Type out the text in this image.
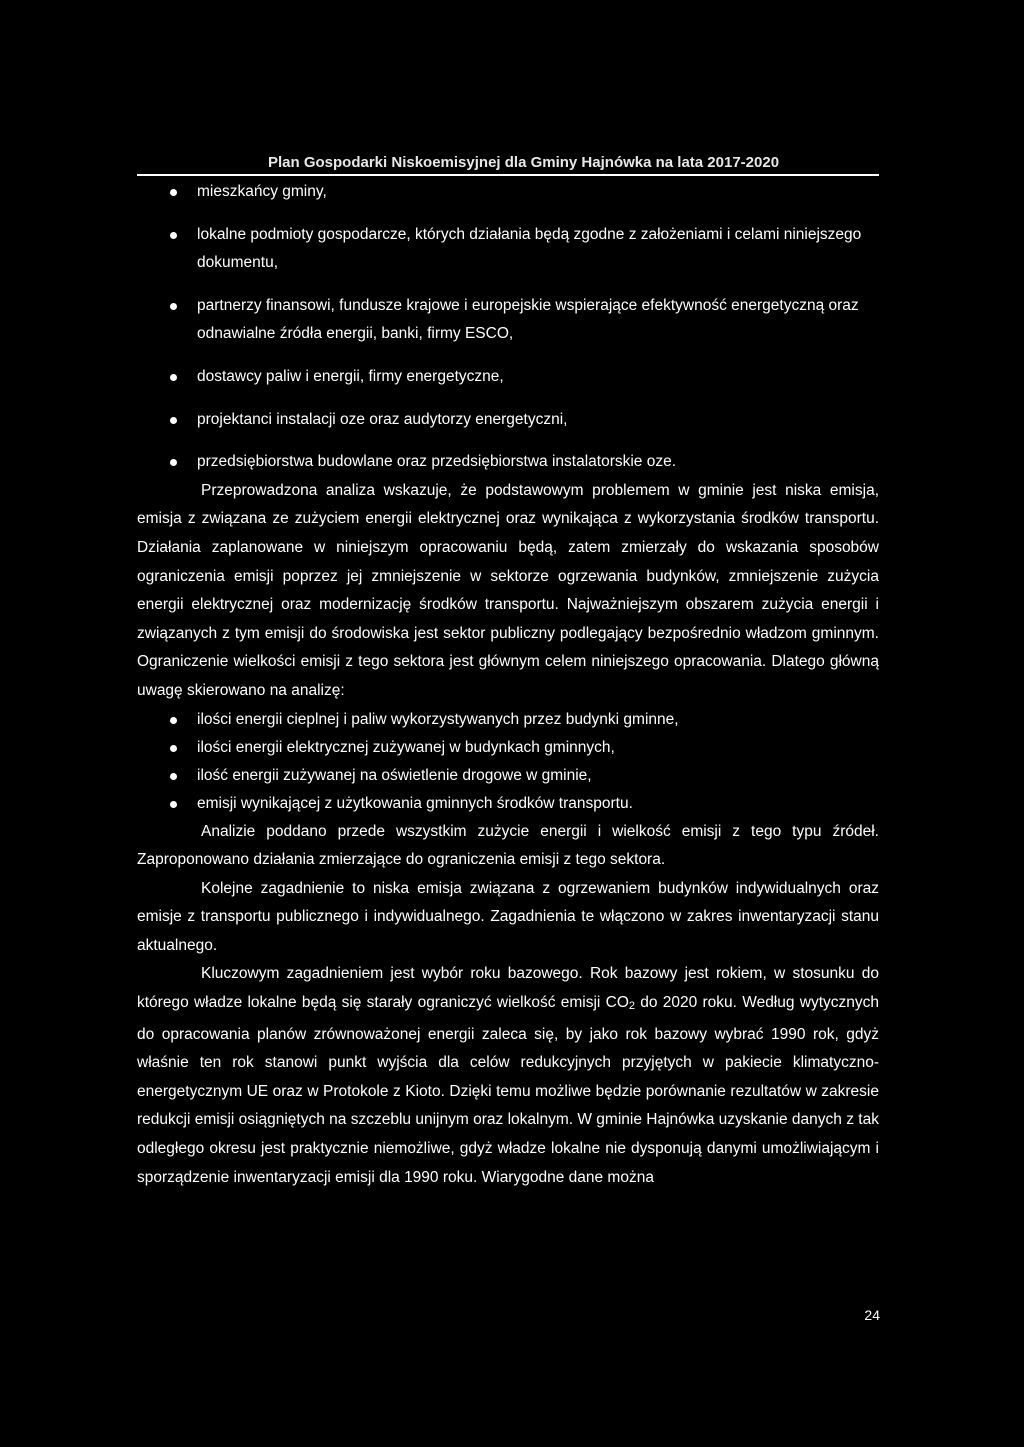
Plan Gospodarki Niskoemisyjnej dla Gminy Hajnówka na lata 2017-2020
mieszkańcy gminy,
lokalne podmioty gospodarcze, których działania będą zgodne z założeniami i celami niniejszego dokumentu,
partnerzy finansowi, fundusze krajowe i europejskie wspierające efektywność energetyczną oraz odnawialne źródła energii, banki, firmy ESCO,
dostawcy paliw i energii, firmy energetyczne,
projektanci instalacji oze oraz audytorzy energetyczni,
przedsiębiorstwa budowlane oraz przedsiębiorstwa instalatorskie oze.

Przeprowadzona analiza wskazuje, że podstawowym problemem w gminie jest niska emisja, emisja z związana ze zużyciem energii elektrycznej oraz wynikająca z wykorzystania środków transportu. Działania zaplanowane w niniejszym opracowaniu będą, zatem zmierzały do wskazania sposobów ograniczenia emisji poprzez jej zmniejszenie w sektorze ogrzewania budynków, zmniejszenie zużycia energii elektrycznej oraz modernizację środków transportu. Najważniejszym obszarem zużycia energii i związanych z tym emisji do środowiska jest sektor publiczny podlegający bezpośrednio władzom gminnym. Ograniczenie wielkości emisji z tego sektora jest głównym celem niniejszego opracowania. Dlatego główną uwagę skierowano na analizę:

ilości energii cieplnej i paliw wykorzystywanych przez budynki gminne,
ilości energii elektrycznej zużywanej w budynkach gminnych,
ilość energii zużywanej na oświetlenie drogowe w gminie,
emisji wynikającej z użytkowania gminnych środków transportu.

Analizie poddano przede wszystkim zużycie energii i wielkość emisji z tego typu źródeł. Zaproponowano działania zmierzające do ograniczenia emisji z tego sektora.

Kolejne zagadnienie to niska emisja związana z ogrzewaniem budynków indywidualnych oraz emisje z transportu publicznego i indywidualnego. Zagadnienia te włączono w zakres inwentaryzacji stanu aktualnego.

Kluczowym zagadnieniem jest wybór roku bazowego. Rok bazowy jest rokiem, w stosunku do którego władze lokalne będą się starały ograniczyć wielkość emisji $CO_2$ do 2020 roku. Według wytycznych do opracowania planów zrównoważonej energii zaleca się, by jako rok bazowy wybrać 1990 rok, gdyż właśnie ten rok stanowi punkt wyjścia dla celów redukcyjnych przyjętych w pakiecie klimatyczno-energetycznym UE oraz w Protokole z Kioto. Dzięki temu możliwe będzie porównanie rezultatów w zakresie redukcji emisji osiągniętych na szczeblu unijnym oraz lokalnym. W gminie Hajnówka uzyskanie danych z tak odległego okresu jest praktycznie niemożliwe, gdyż władze lokalne nie dysponują danymi umożliwiającym i sporządzenie inwentaryzacji emisji dla 1990 roku. Wiarygodne dane można

24
